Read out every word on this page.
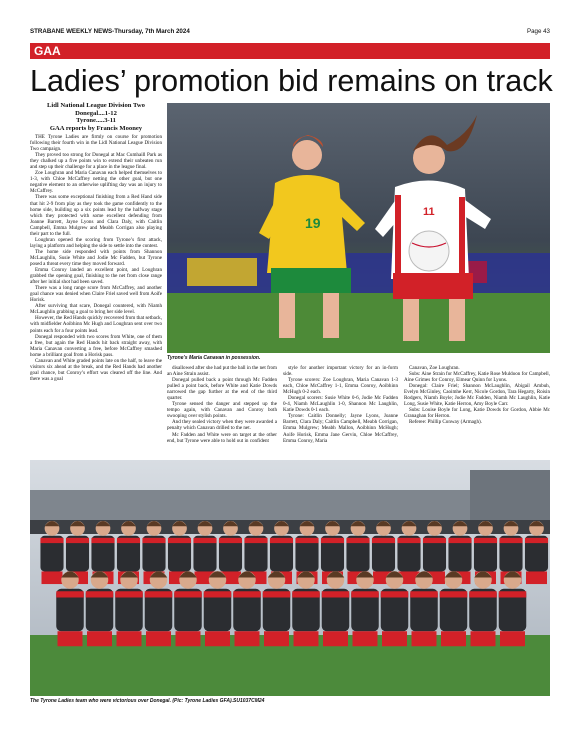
STRABANE WEEKLY NEWS-Thursday, 7th March 2024	Page 43
GAA
Ladies’ promotion bid remains on track
Lidl National League Division Two
Donegal....1-12
Tyrone.....3-11
GAA reports by Francis Mooney

THE Tyrone Ladies are firmly on course for promotion following their fourth win in the Lidl National League Division Two campaign.

They proved too strong for Donegal at Mac Cumhaill Park as they chalked up a five points win to extend their unbeaten run and step up their challenge for a place in the league final.

Zoe Loughran and Maria Canavan each helped themselves to 1-3, with Chloe McCaffrey netting the other goal, but one negative element to an otherwise uplifting day was an injury to McCaffrey.

There was some exceptional finishing from a Red Hand side that hit 2-9 from play as they took the game confidently to the home side, building up a six points lead by the halfway stage which they protected with some excellent defending from Joanne Barrett, Jayne Lyons and Clara Daly, with Caitlin Campbell, Emma Mulgrew and Meabh Corrigan also playing their part to the full.

Loughran opened the scoring from Tyrone’s first attack, laying a platform and helping the side to settle into the contest.

The home side responded with points from Shannon McLaughlin, Susie White and Jodie Mc Fadden, but Tyrone posed a threat every time they moved forward.

Emma Conroy landed an excellent point, and Loughran grabbed the opening goal, finishing to the net from close range after her initial shot had been saved.

There was a long range score from McCaffrey, and another goal chance was denied when Claire Friel saved well from Aoife Horisk.

After surviving that scare, Donegal countered, with Niamh McLaughlin grabbing a goal to bring her side level.

However, the Red Hands quickly recovered from that setback, with midfielder Aoibhinn Mc Hugh and Loughran sent over two points each for a four points lead.

Donegal responded with two scores from White, one of them a free, but again the Red Hands hit back straight away, with Maria Canavan converting a free, before McCaffrey smashed home a brilliant goal from a Horisk pass.

Canavan and White graded points late on the half, to leave the visitors six ahead at the break, and the Red Hands had another goal chance, but Conroy’s effort was cleared off the line. And there was a goal

19
11
Tyrone’s Maria Canavan in possession.

disallowed after she had put the ball in the net from an Aine Strain assist.

Donegal pulled back a point through Mc Fadden pulled a point back, before White and Katie Dowds narrowed the gap further at the end of the third quarter.

Tyrone sensed the danger and stepped up the tempo again, with Canavan and Conroy both swooping over stylish points.

And they sealed victory when they were awarded a penalty which Canavan drilled to the net.

Mc Fadden and White were on target at the other end, but Tyrone were able to hold out in confident

style for another important victory for an in-form side.

Tyrone scorers: Zoe Loughran, Maria Canavan 1-3 each, Chloe McCaffrey 1-1, Emma Conroy, Aoibhinn McHugh 0-2 each.

Donegal scorers: Susie White 0-6, Jodie Mc Fadden 0-4, Niamh McLaughlin 1-0, Shannon Mc Laughlin, Katie Dowds 0-1 each.

Tyrone: Caitlin Donnelly; Jayne Lyons, Joanne Barrett, Clara Daly; Caitlin Campbell, Meabh Corrigan, Emma Mulgrew; Meabh Mallon, Aoibhinn McHugh; Aoife Horisk, Emma Jane Gervin, Chloe McCaffrey, Emma Conroy, Maria

Canavan, Zoe Loughran.

Subs: Aine Strain for McCaffrey, Katie Rose Muldoon for Campbell, Aine Grimes for Conroy, Eimear Quinn for Lyons.

Donegal: Claire Friel; Shannon McLaughlin, Abigail Ambuh, Evelyn McGinley, Caoimhe Kerr, Nicole Gordon, Tara Hegarty, Roisin Rodgers, Niamh Boyle; Jodie Mc Fadden, Niamh Mc Laughlin, Katie Long, Susie White, Katie Herron, Amy Boyle Carr.

Subs: Louise Boyle for Long, Katie Dowds for Gordon, Abbie Mc Granaghan for Herron.

Referee: Phillip Conway (Armagh).

The Tyrone Ladies team who were victorious over Donegal. (Pic: Tyrone Ladies GFA).SU1037CM24
